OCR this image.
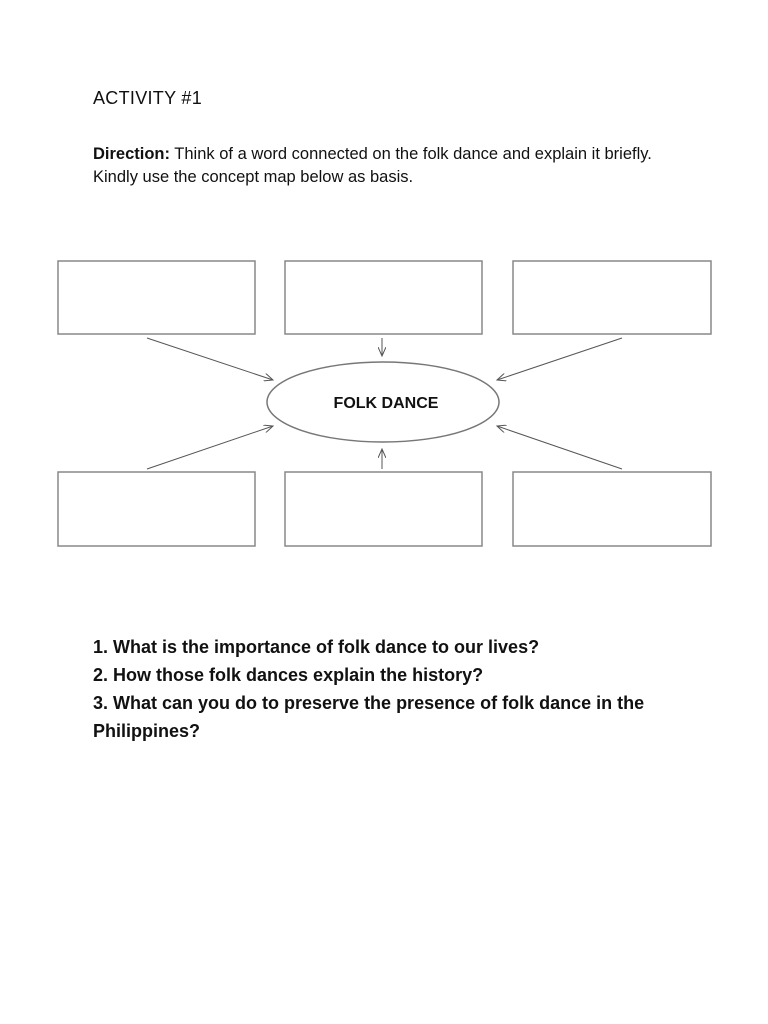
ACTIVITY #1

Direction: Think of a word connected on the folk dance and explain it briefly. Kindly use the concept map below as basis.

FOLK DANCE
1. What is the importance of folk dance to our lives?
2. How those folk dances explain the history?
3. What can you do to preserve the presence of folk dance in the Philippines?
